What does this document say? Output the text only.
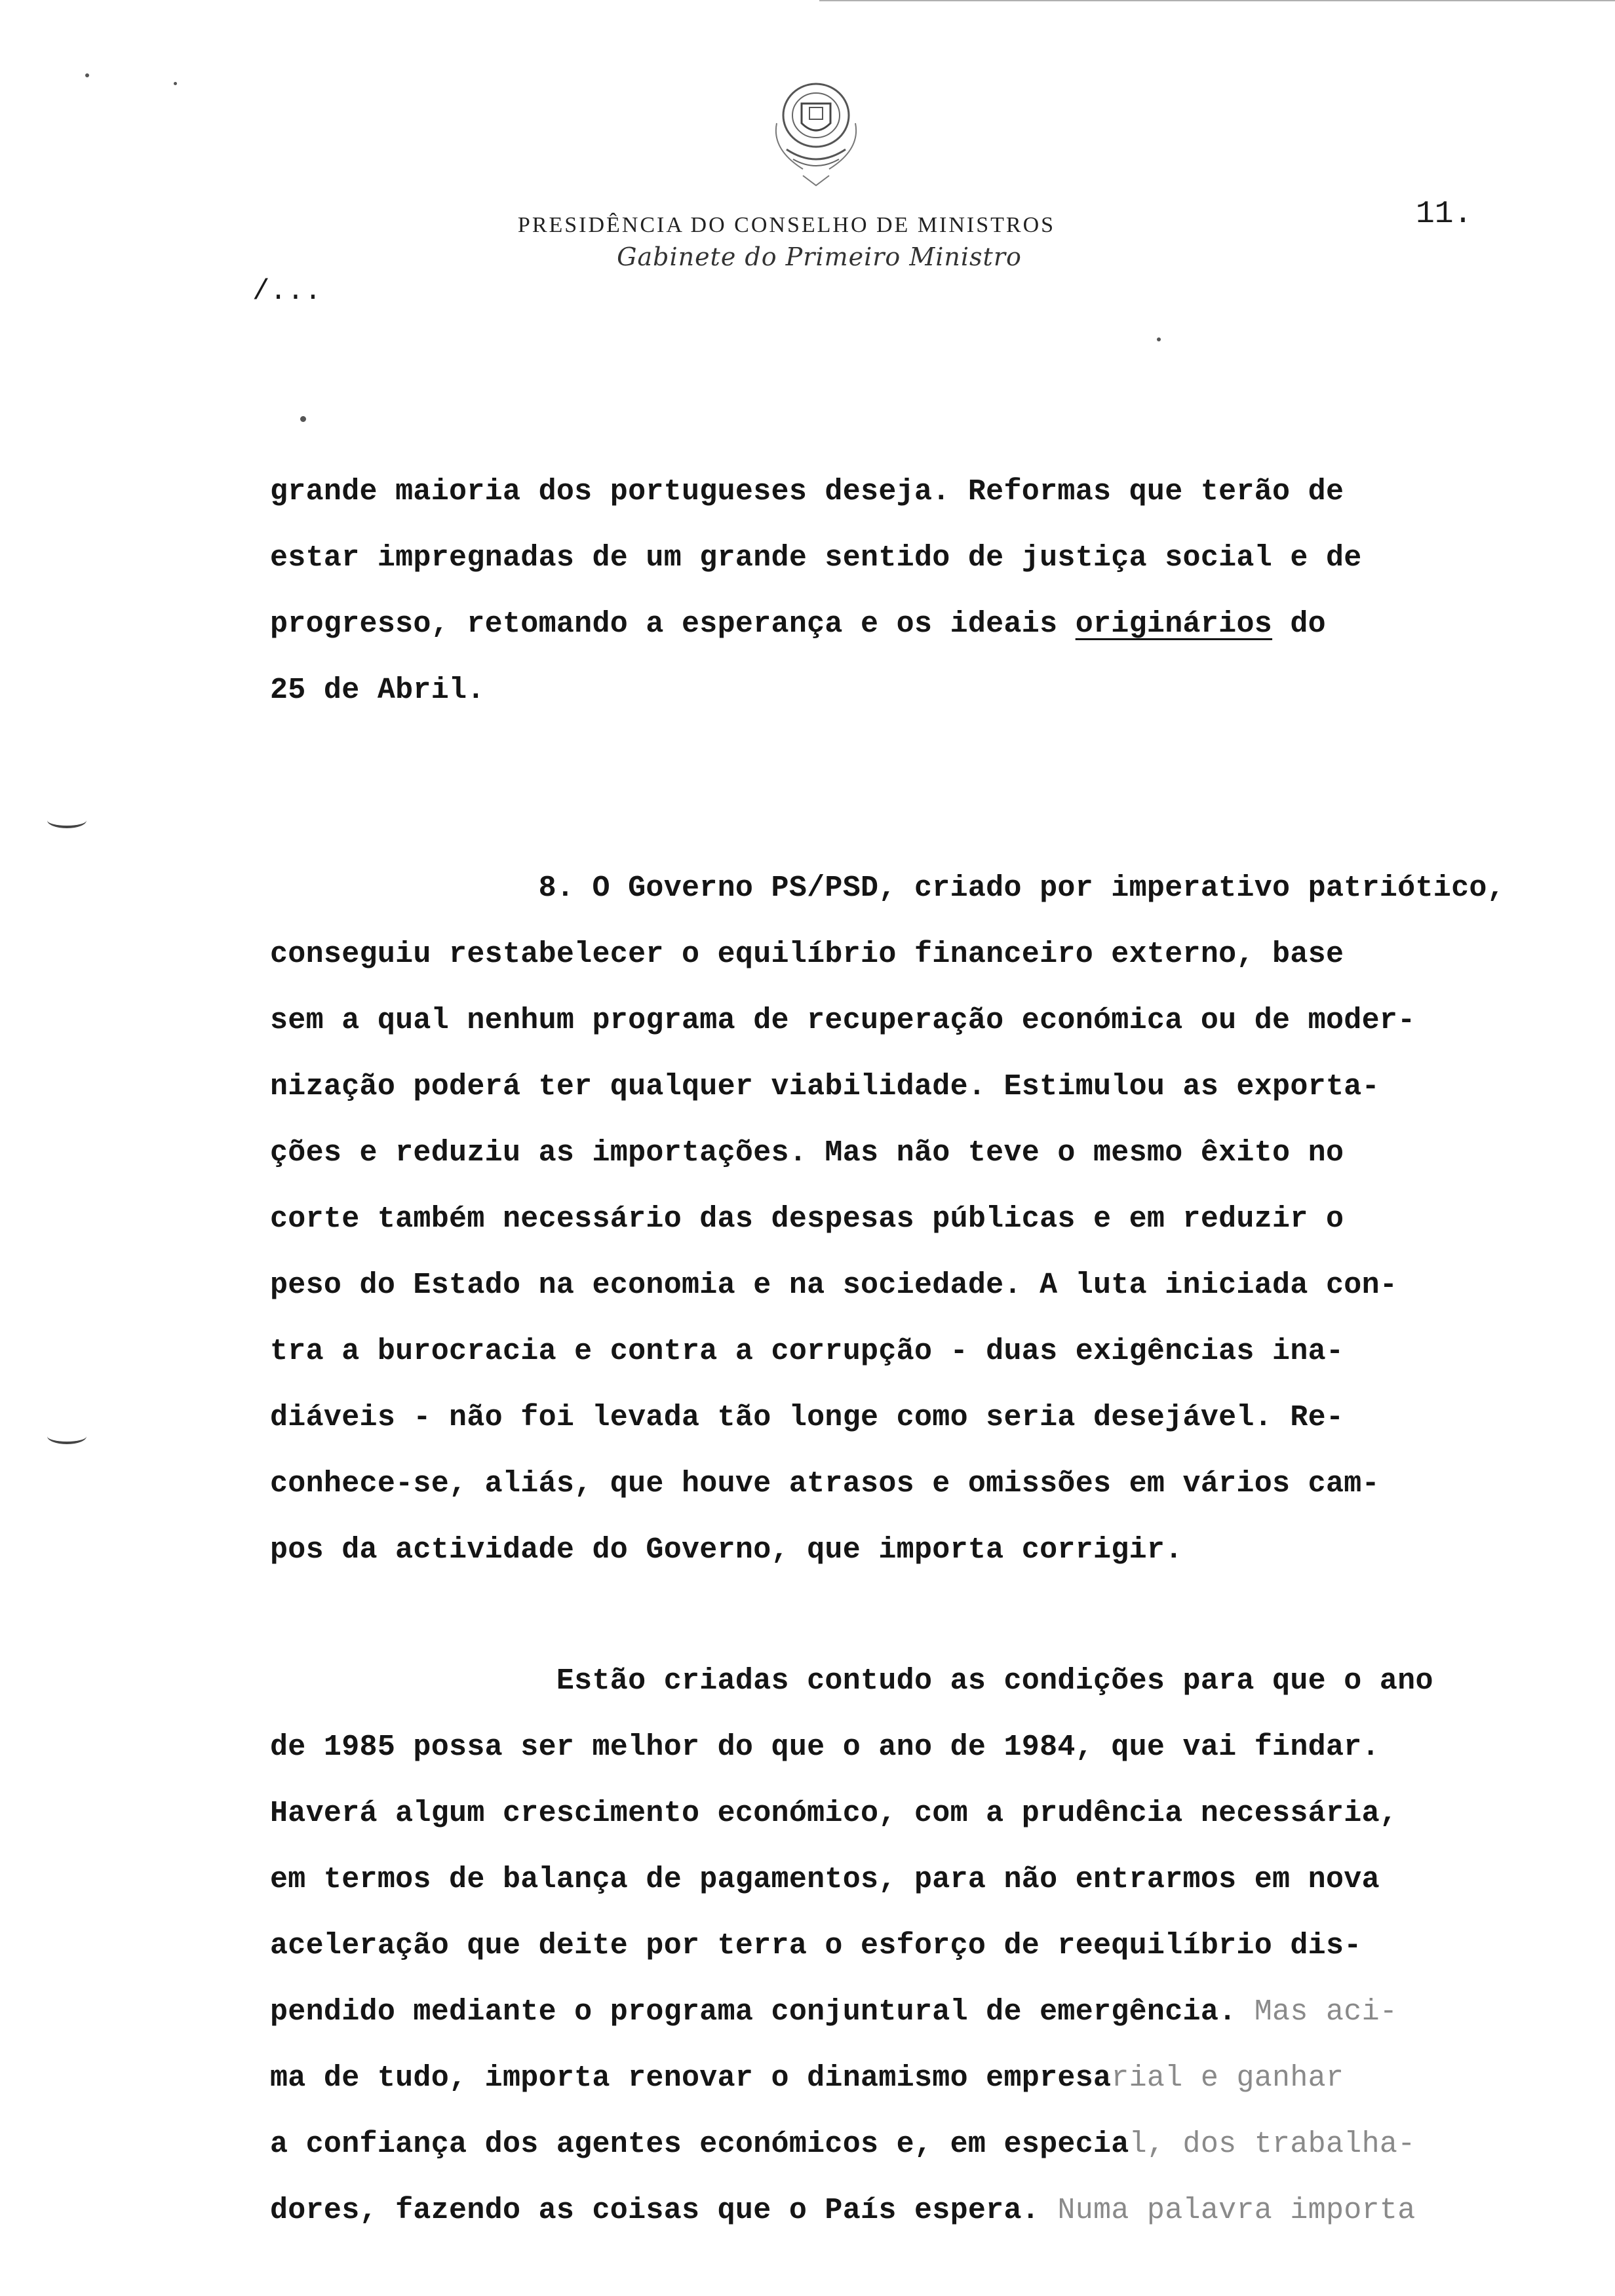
PRESIDÊNCIA DO CONSELHO DE MINISTROS
Gabinete do Primeiro Ministro
11.
/...
grande maioria dos portugueses deseja. Reformas que terão de
estar impregnadas de um grande sentido de justiça social e de
progresso, retomando a esperança e os ideais originários do
25 de Abril.
8. O Governo PS/PSD, criado por imperativo patriótico,
conseguiu restabelecer o equilíbrio financeiro externo, base
sem a qual nenhum programa de recuperação económica ou de moder-
nização poderá ter qualquer viabilidade. Estimulou as exporta-
ções e reduziu as importações. Mas não teve o mesmo êxito no
corte também necessário das despesas públicas e em reduzir o
peso do Estado na economia e na sociedade. A luta iniciada con-
tra a burocracia e contra a corrupção - duas exigências ina-
diáveis - não foi levada tão longe como seria desejável. Re-
conhece-se, aliás, que houve atrasos e omissões em vários cam-
pos da actividade do Governo, que importa corrigir.
Estão criadas contudo as condições para que o ano
de 1985 possa ser melhor do que o ano de 1984, que vai findar.
Haverá algum crescimento económico, com a prudência necessária,
em termos de balança de pagamentos, para não entrarmos em nova
aceleração que deite por terra o esforço de reequilíbrio dis-
pendido mediante o programa conjuntural de emergência. Mas aci-
ma de tudo, importa renovar o dinamismo empresarial e ganhar
a confiança dos agentes económicos e, em especial, dos trabalha-
dores, fazendo as coisas que o País espera. Numa palavra importa
